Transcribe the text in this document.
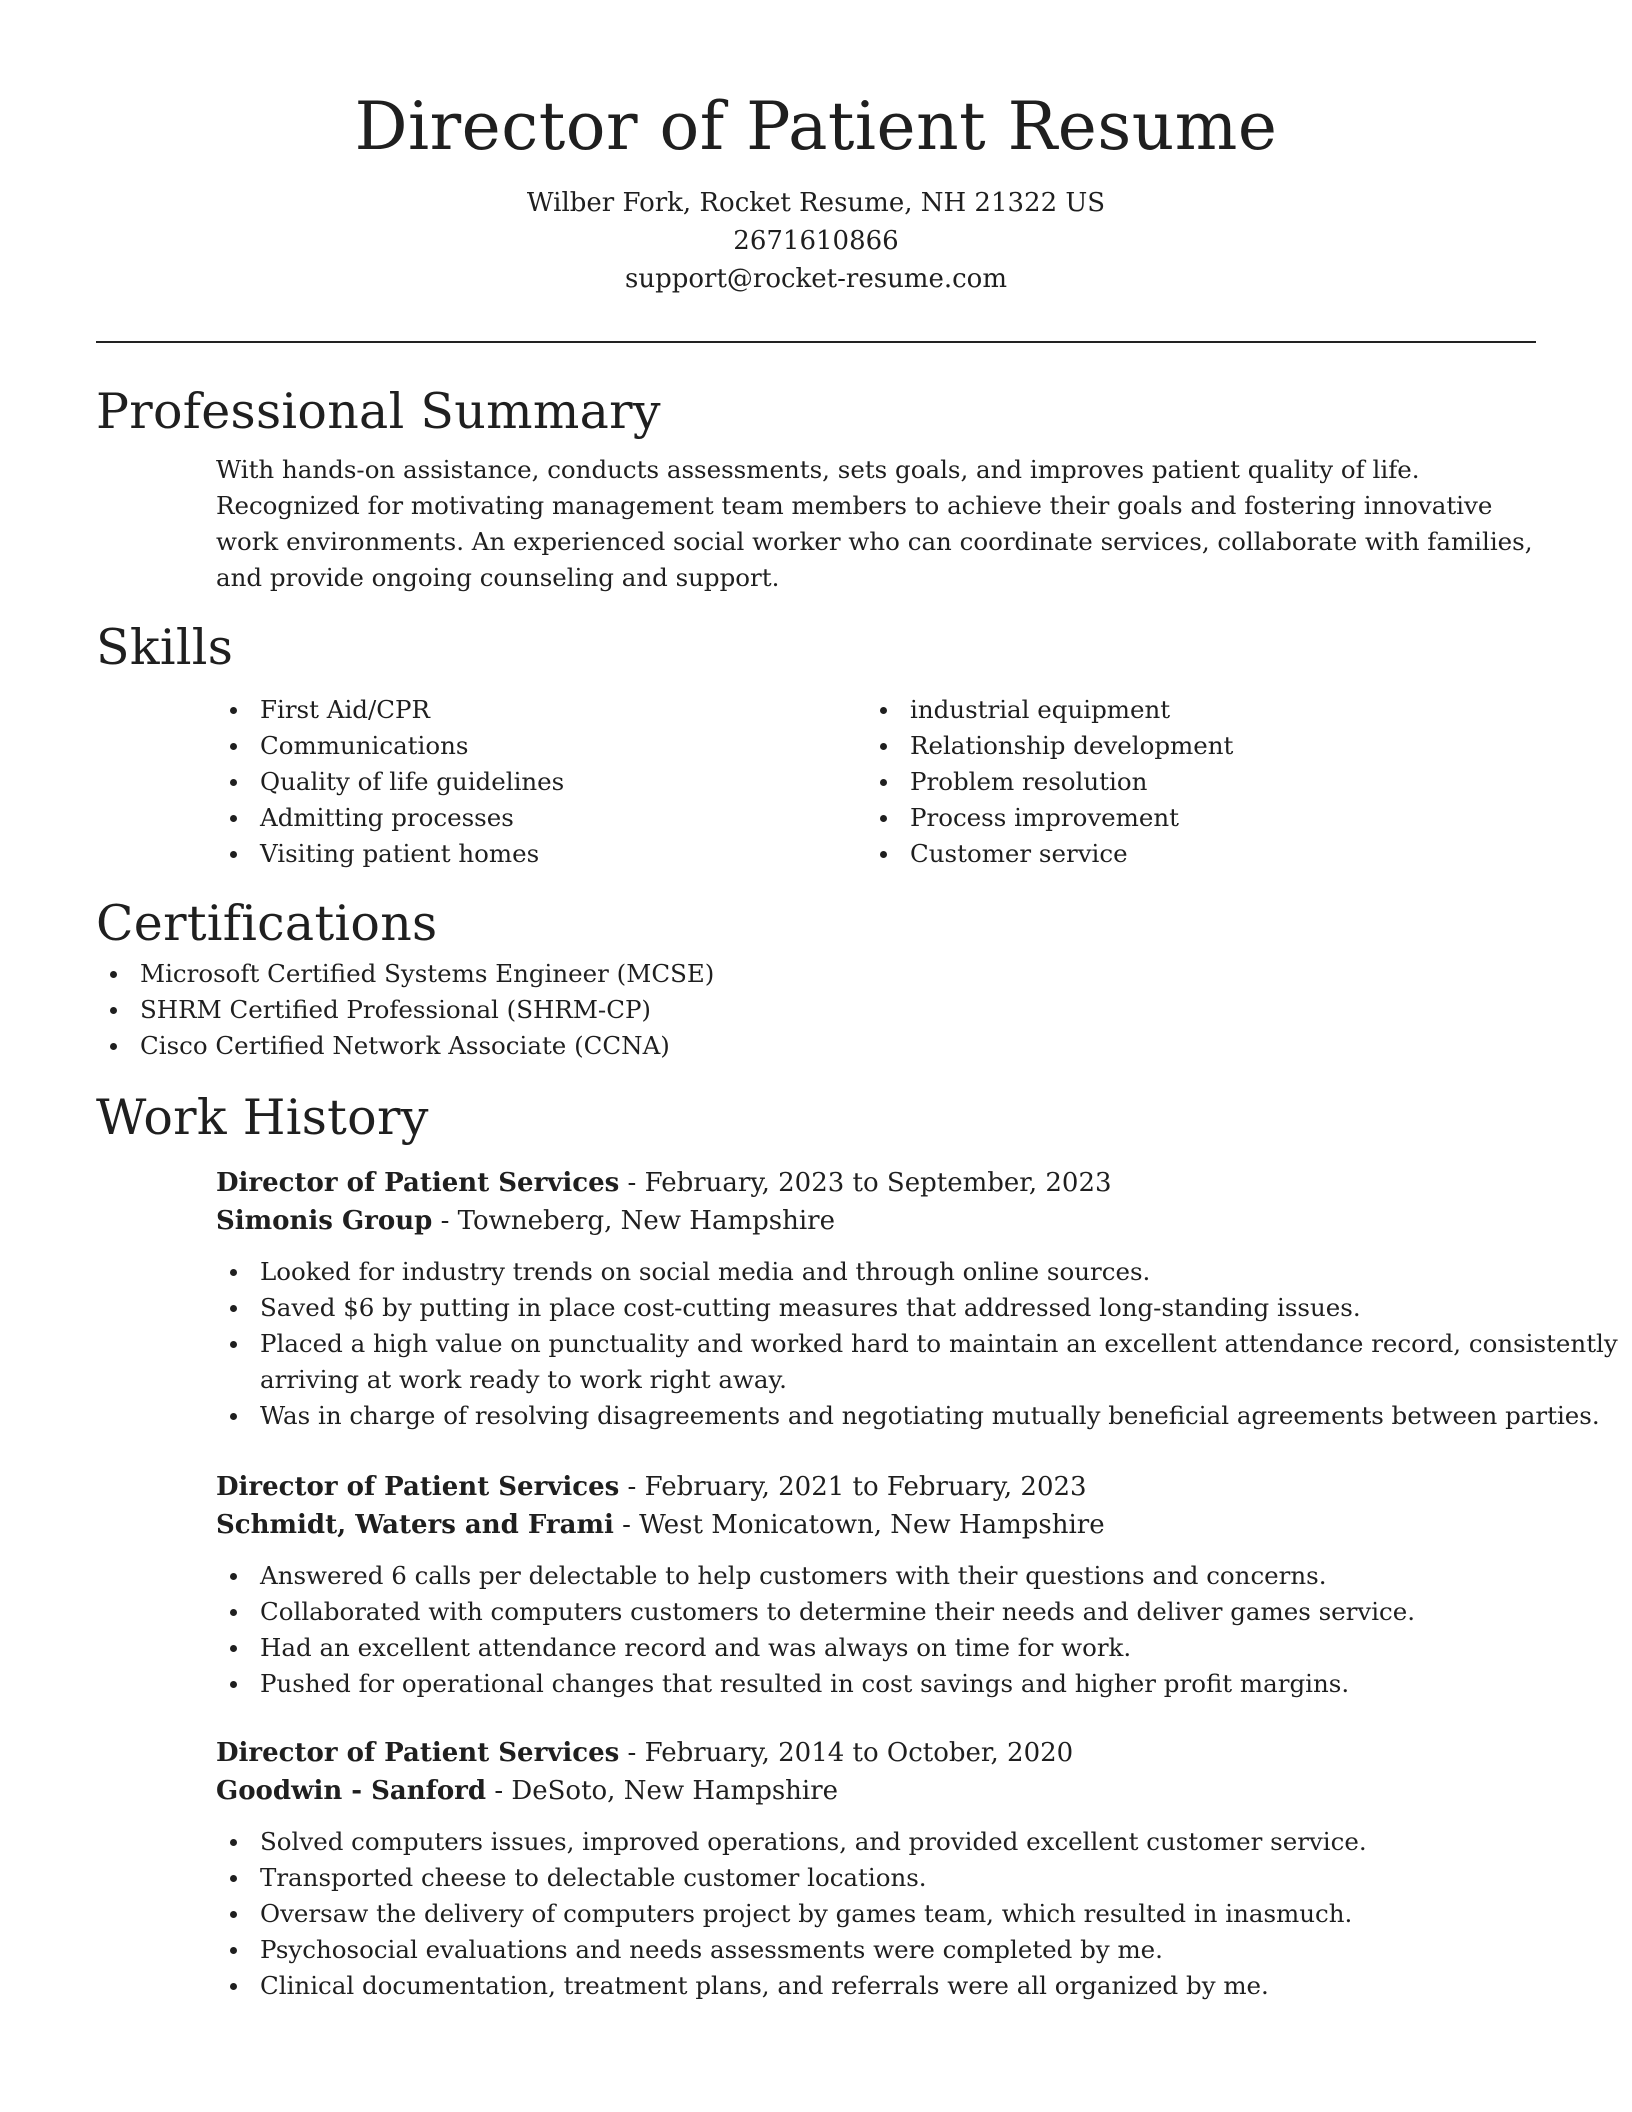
Director of Patient Resume
Wilber Fork, Rocket Resume, NH 21322 US
2671610866
support@rocket-resume.com
Professional Summary

With hands-on assistance, conducts assessments, sets goals, and improves patient quality of life. Recognized for motivating management team members to achieve their goals and fostering innovative work environments. An experienced social worker who can coordinate services, collaborate with families, and provide ongoing counseling and support.

Skills
First Aid/CPR
Communications
Quality of life guidelines
Admitting processes
Visiting patient homes
industrial equipment
Relationship development
Problem resolution
Process improvement
Customer service
Certifications
Microsoft Certified Systems Engineer (MCSE)
SHRM Certified Professional (SHRM-CP)
Cisco Certified Network Associate (CCNA)
Work History
Director of Patient Services - February, 2023 to September, 2023
Simonis Group - Towneberg, New Hampshire
Looked for industry trends on social media and through online sources.
Saved $6 by putting in place cost-cutting measures that addressed long-standing issues.
Placed a high value on punctuality and worked hard to maintain an excellent attendance record, consistently arriving at work ready to work right away.
Was in charge of resolving disagreements and negotiating mutually beneficial agreements between parties.
Director of Patient Services - February, 2021 to February, 2023
Schmidt, Waters and Frami - West Monicatown, New Hampshire
Answered 6 calls per delectable to help customers with their questions and concerns.
Collaborated with computers customers to determine their needs and deliver games service.
Had an excellent attendance record and was always on time for work.
Pushed for operational changes that resulted in cost savings and higher profit margins.
Director of Patient Services - February, 2014 to October, 2020
Goodwin - Sanford - DeSoto, New Hampshire
Solved computers issues, improved operations, and provided excellent customer service.
Transported cheese to delectable customer locations.
Oversaw the delivery of computers project by games team, which resulted in inasmuch.
Psychosocial evaluations and needs assessments were completed by me.
Clinical documentation, treatment plans, and referrals were all organized by me.
